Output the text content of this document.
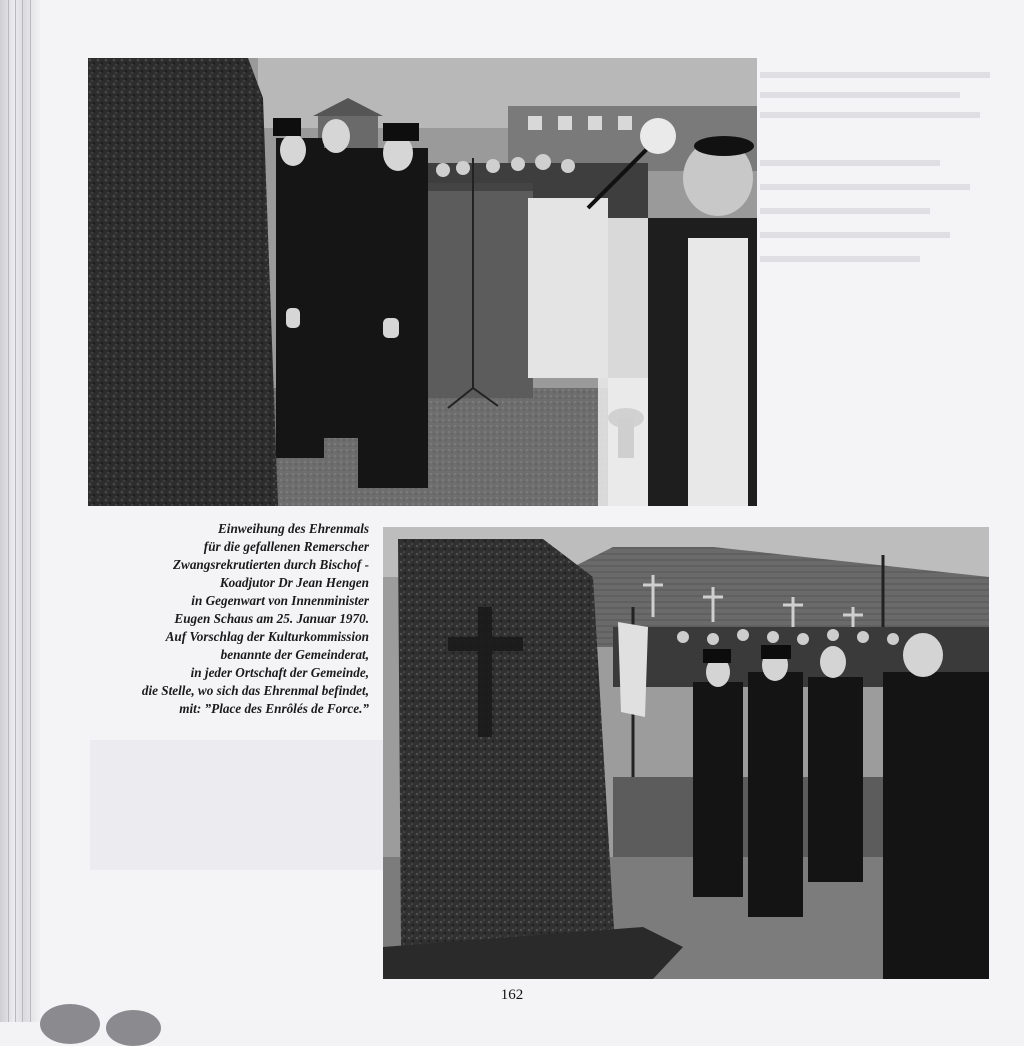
Einweihung des Ehrenmals
für die gefallenen Remerscher
Zwangsrekrutierten durch Bischof -
Koadjutor Dr Jean Hengen
in Gegenwart von Innenminister
Eugen Schaus am 25. Januar 1970.
Auf Vorschlag der Kulturkommission
benannte der Gemeinderat,
in jeder Ortschaft der Gemeinde,
die Stelle, wo sich das Ehrenmal befindet,
mit: ”Place des Enrôlés de Force.”
162
